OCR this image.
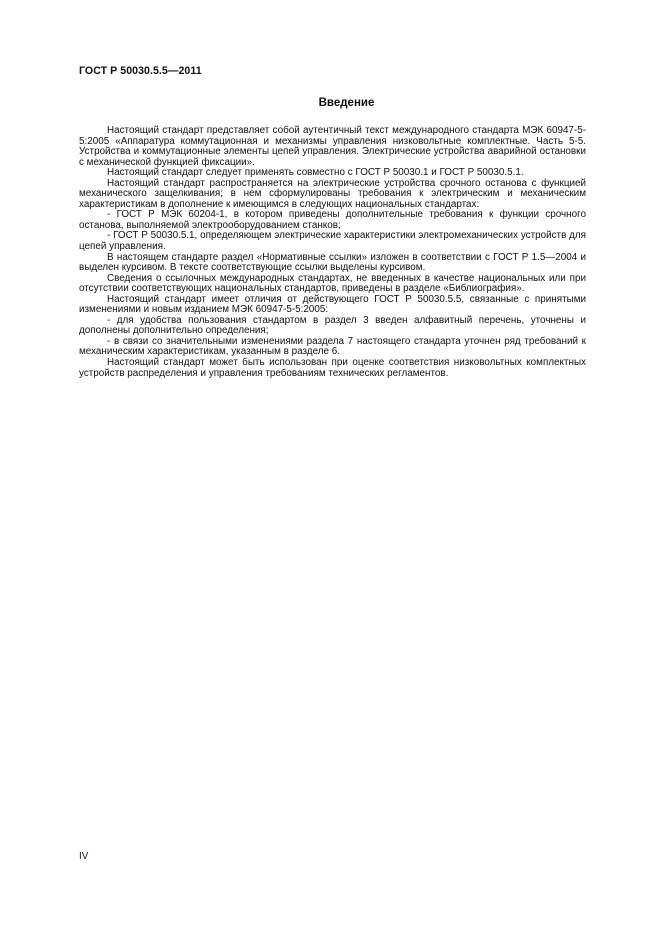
ГОСТ Р 50030.5.5—2011
Введение

Настоящий стандарт представляет собой аутентичный текст международного стандарта МЭК 60947-5-5:2005 «Аппаратура коммутационная и механизмы управления низковольтные комплектные. Часть 5-5. Устройства и коммутационные элементы цепей управления. Электрические устройства аварийной остановки с механической функцией фиксации».

Настоящий стандарт следует применять совместно с ГОСТ Р 50030.1 и ГОСТ Р 50030.5.1.

Настоящий стандарт распространяется на электрические устройства срочного останова с функцией механического защелкивания; в нем сформулированы требования к электрическим и механическим характеристикам в дополнение к имеющимся в следующих национальных стандартах:

- ГОСТ Р МЭК 60204-1, в котором приведены дополнительные требования к функции срочного останова, выполняемой электрооборудованием станков;

- ГОСТ Р 50030.5.1, определяющем электрические характеристики электромеханических устройств для цепей управления.

В настоящем стандарте раздел «Нормативные ссылки» изложен в соответствии с ГОСТ Р 1.5—2004 и выделен курсивом. В тексте соответствующие ссылки выделены курсивом.

Сведения о ссылочных международных стандартах, не введенных в качестве национальных или при отсутствии соответствующих национальных стандартов, приведены в разделе «Библиография».

Настоящий стандарт имеет отличия от действующего ГОСТ Р 50030.5.5, связанные с принятыми изменениями и новым изданием МЭК 60947-5-5:2005:

- для удобства пользования стандартом в раздел 3 введен алфавитный перечень, уточнены и дополнены дополнительно определения;

- в связи со значительными изменениями раздела 7 настоящего стандарта уточнен ряд требований к механическим характеристикам, указанным в разделе 6.

Настоящий стандарт может быть использован при оценке соответствия низковольтных комплектных устройств распределения и управления требованиям технических регламентов.

IV
